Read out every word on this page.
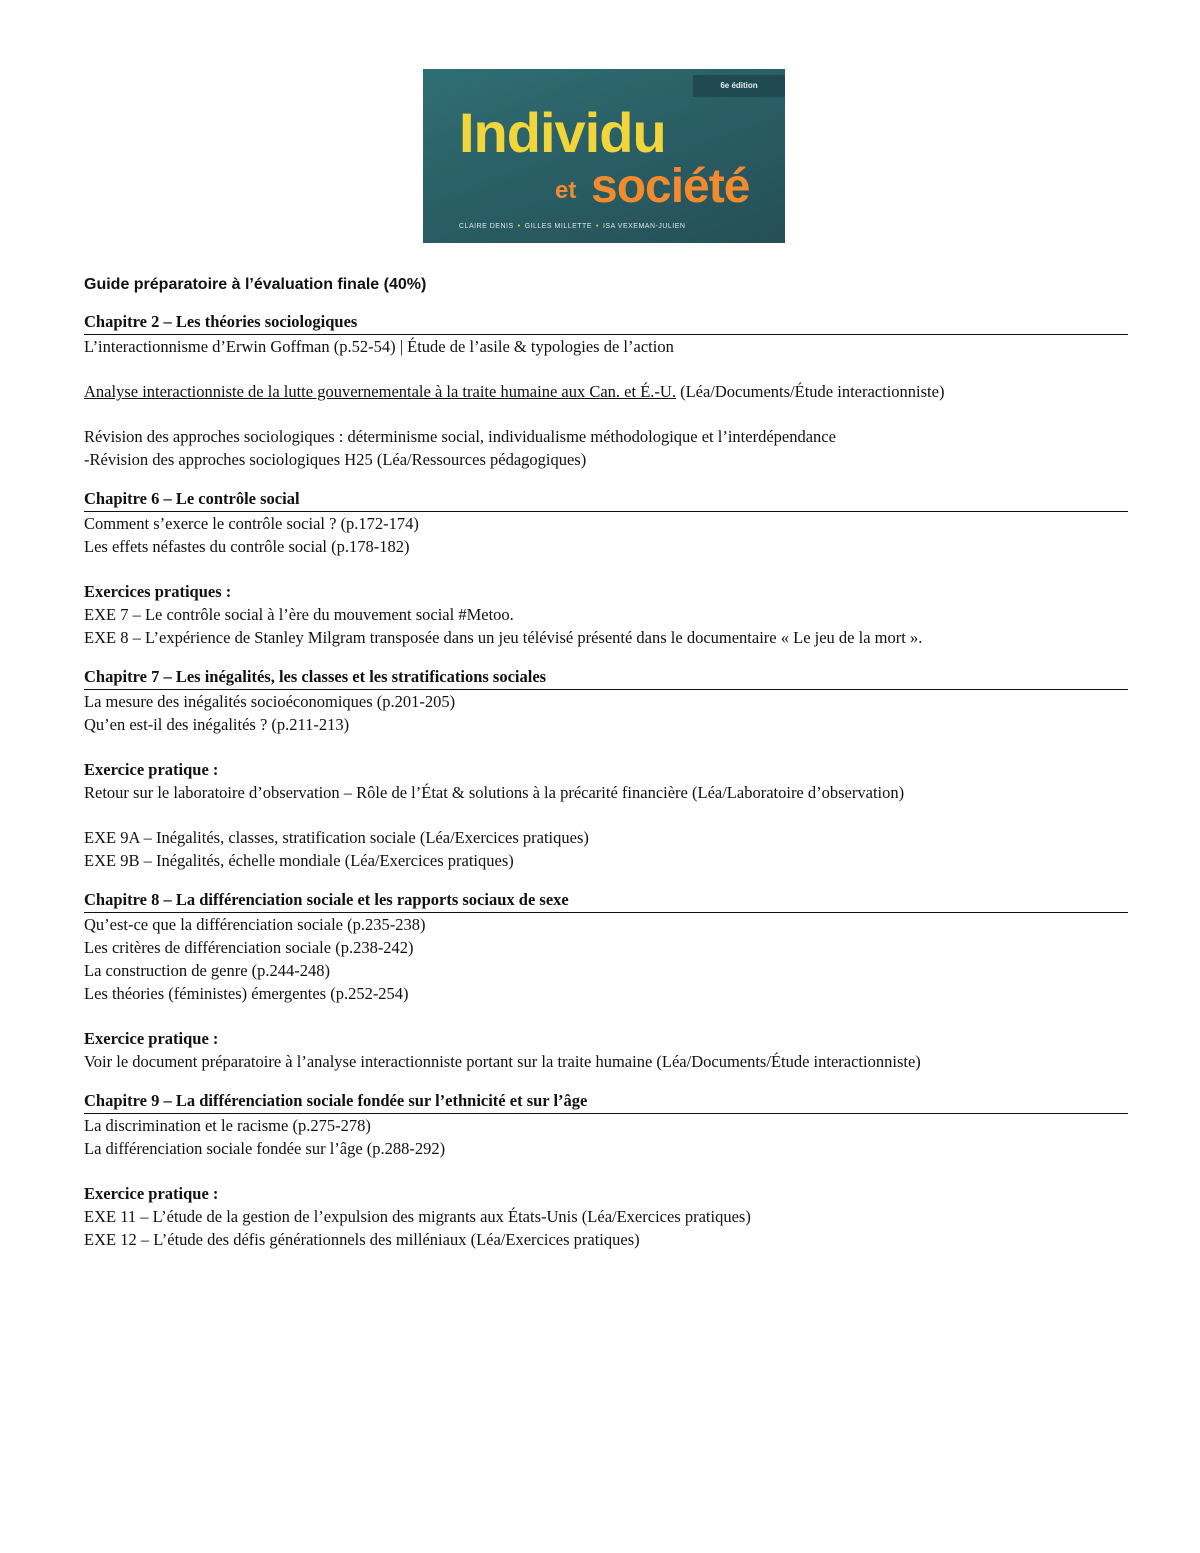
6e édition
Individu
et société
CLAIRE DENIS • GILLES MILLETTE • ISA VEXEMAN-JULIEN
Guide préparatoire à l’évaluation finale (40%)
Chapitre 2 – Les théories sociologiques
L’interactionnisme d’Erwin Goffman (p.52-54) | Étude de l’asile & typologies de l’action
Analyse interactionniste de la lutte gouvernementale à la traite humaine aux Can. et É.-U. (Léa/Documents/Étude interactionniste)
Révision des approches sociologiques : déterminisme social, individualisme méthodologique et l’interdépendance
-Révision des approches sociologiques H25 (Léa/Ressources pédagogiques)
Chapitre 6 – Le contrôle social
Comment s’exerce le contrôle social ? (p.172-174)
Les effets néfastes du contrôle social (p.178-182)
Exercices pratiques :
EXE 7 – Le contrôle social à l’ère du mouvement social #Metoo.
EXE 8 – L’expérience de Stanley Milgram transposée dans un jeu télévisé présenté dans le documentaire « Le jeu de la mort ».
Chapitre 7 – Les inégalités, les classes et les stratifications sociales
La mesure des inégalités socioéconomiques (p.201-205)
Qu’en est-il des inégalités ? (p.211-213)
Exercice pratique :
Retour sur le laboratoire d’observation – Rôle de l’État & solutions à la précarité financière (Léa/Laboratoire d’observation)
EXE 9A – Inégalités, classes, stratification sociale (Léa/Exercices pratiques)
EXE 9B – Inégalités, échelle mondiale (Léa/Exercices pratiques)
Chapitre 8 – La différenciation sociale et les rapports sociaux de sexe
Qu’est-ce que la différenciation sociale (p.235-238)
Les critères de différenciation sociale (p.238-242)
La construction de genre (p.244-248)
Les théories (féministes) émergentes (p.252-254)
Exercice pratique :
Voir le document préparatoire à l’analyse interactionniste portant sur la traite humaine (Léa/Documents/Étude interactionniste)
Chapitre 9 – La différenciation sociale fondée sur l’ethnicité et sur l’âge
La discrimination et le racisme (p.275-278)
La différenciation sociale fondée sur l’âge (p.288-292)
Exercice pratique :
EXE 11 – L’étude de la gestion de l’expulsion des migrants aux États-Unis (Léa/Exercices pratiques)
EXE 12 – L’étude des défis générationnels des milléniaux (Léa/Exercices pratiques)
